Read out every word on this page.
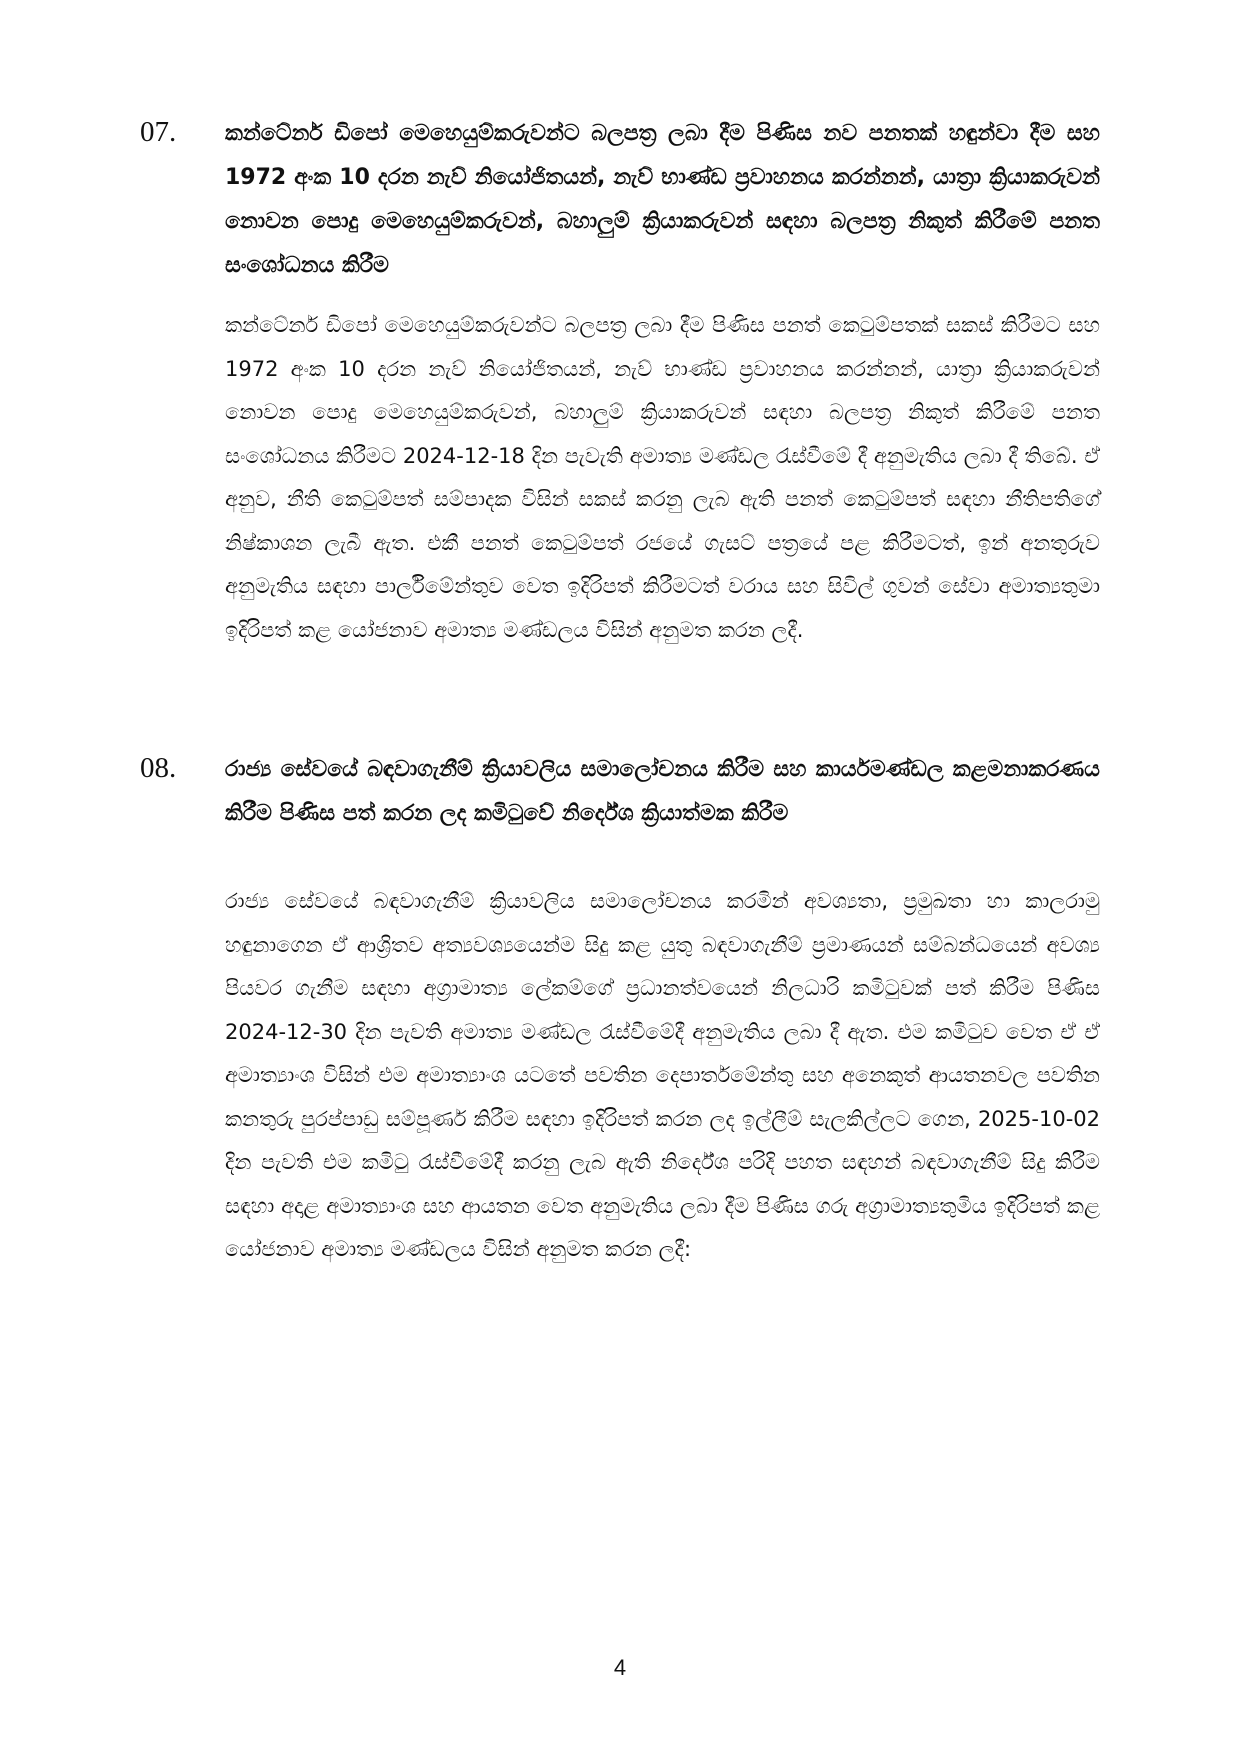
07. කන්ටේනර් ඩිපෝ මෙහෙයුම්කරුවන්ට බලපත්‍ර ලබා දීම පිණිස නව පනතක් හඳුන්වා දීම සහ 1972 අංක 10 දරන නැව් නියෝජිතයන්, නැව් භාණ්ඩ ප්‍රවාහනය කරන්නන්, යාත්‍රා ක්‍රියාකරුවන් නොවන පොදු මෙහෙයුම්කරුවන්, බහාලුම් ක්‍රියාකරුවන් සඳහා බලපත්‍ර නිකුත් කිරීමේ පනත සංශෝධනය කිරීම
කන්ටේනර් ඩිපෝ මෙහෙයුම්කරුවන්ට බලපත්‍ර ලබා දීම පිණිස පනත් කෙටුම්පතක් සකස් කිරීමට සහ 1972 අංක 10 දරන නැව් නියෝජිතයන්, නැව් භාණ්ඩ ප්‍රවාහනය කරන්නන්, යාත්‍රා ක්‍රියාකරුවන් නොවන පොදු මෙහෙයුම්කරුවන්, බහාලුම් ක්‍රියාකරුවන් සඳහා බලපත්‍ර නිකුත් කිරීමේ පනත සංශෝධනය කිරීමට 2024-12-18 දින පැවැති අමාත්‍ය මණ්ඩල රැස්වීමේ දී අනුමැතිය ලබා දී තිබේ. ඒ අනුව, නීති කෙටුම්පත් සම්පාදක විසින් සකස් කරනු ලැබ ඇති පනත් කෙටුම්පත් සඳහා නීතිපතිගේ නිෂ්කාශන ලැබී ඇත. එකී පනත් කෙටුම්පත් රජයේ ගැසට් පත්‍රයේ පළ කිරීමටත්, ඉන් අනතුරුව අනුමැතිය සඳහා පාර්ලිමේන්තුව වෙත ඉදිරිපත් කිරීමටත් වරාය සහ සිවිල් ගුවන් සේවා අමාත්‍යතුමා ඉදිරිපත් කළ යෝජනාව අමාත්‍ය මණ්ඩලය විසින් අනුමත කරන ලදී.
08. රාජ්‍ය සේවයේ බඳවාගැනීම් ක්‍රියාවලිය සමාලෝචනය කිරීම සහ කාර්යමණ්ඩල කළමනාකරණය කිරීම පිණිස පත් කරන ලද කමිටුවේ නිර්දේශ ක්‍රියාත්මක කිරීම
රාජ්‍ය සේවයේ බඳවාගැනීම් ක්‍රියාවලිය සමාලෝචනය කරමින් අවශ්‍යතා, ප්‍රමුඛතා හා කාලරාමු හඳුනාගෙන ඒ ආශ්‍රිතව අත්‍යවශ්‍යයෙන්ම සිදු කළ යුතු බඳවාගැනීම් ප්‍රමාණයන් සම්බන්ධයෙන් අවශ්‍ය පියවර ගැනීම සඳහා අග්‍රාමාත්‍ය ලේකම්ගේ ප්‍රධානත්වයෙන් නිලධාරි කමිටුවක් පත් කිරීම පිණිස 2024-12-30 දින පැවති අමාත්‍ය මණ්ඩල රැස්වීමේදී අනුමැතිය ලබා දී ඇත. එම කමිටුව වෙත ඒ ඒ අමාත්‍යාංශ විසින් එම අමාත්‍යාංශ යටතේ පවතින දෙපාර්තමේන්තු සහ අනෙකුත් ආයතනවල පවතින කනතුරු පුරප්පාඩු සම්පූර්ණ කිරීම සඳහා ඉදිරිපත් කරන ලද ඉල්ලීම් සැලකිල්ලට ගෙන, 2025-10-02 දින පැවති එම කමිටු රැස්වීමේදී කරනු ලැබ ඇති නිර්දේශ පරිදි පහත සඳහන් බඳවාගැනීම් සිදු කිරීම සඳහා අදාළ අමාත්‍යාංශ සහ ආයතන වෙත අනුමැතිය ලබා දීම පිණිස ගරු අග්‍රාමාත්‍යතුමිය ඉදිරිපත් කළ යෝජනාව අමාත්‍ය මණ්ඩලය විසින් අනුමත කරන ලදී:
4
